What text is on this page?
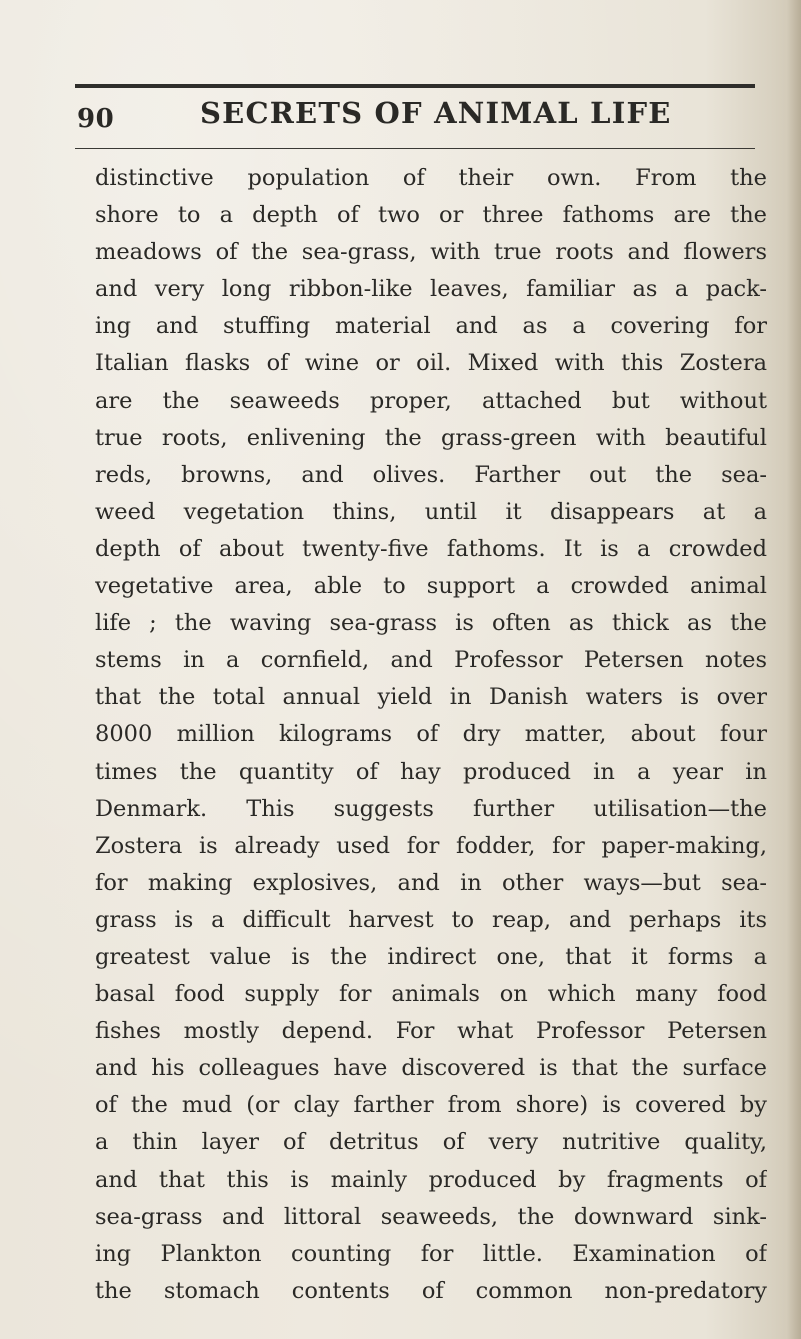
90	SECRETS OF ANIMAL LIFE
distinctive population of their own. From the
shore to a depth of two or three fathoms are the
meadows of the sea-grass, with true roots and flowers
and very long ribbon-like leaves, familiar as a pack-
ing and stuffing material and as a covering for
Italian flasks of wine or oil. Mixed with this Zostera
are the seaweeds proper, attached but without
true roots, enlivening the grass-green with beautiful
reds, browns, and olives. Farther out the sea-
weed vegetation thins, until it disappears at a
depth of about twenty-five fathoms. It is a crowded
vegetative area, able to support a crowded animal
life ; the waving sea-grass is often as thick as the
stems in a cornfield, and Professor Petersen notes
that the total annual yield in Danish waters is over
8000 million kilograms of dry matter, about four
times the quantity of hay produced in a year in
Denmark. This suggests further utilisation—the
Zostera is already used for fodder, for paper-making,
for making explosives, and in other ways—but sea-
grass is a difficult harvest to reap, and perhaps its
greatest value is the indirect one, that it forms a
basal food supply for animals on which many food
fishes mostly depend. For what Professor Petersen
and his colleagues have discovered is that the surface
of the mud (or clay farther from shore) is covered by
a thin layer of detritus of very nutritive quality,
and that this is mainly produced by fragments of
sea-grass and littoral seaweeds, the downward sink-
ing Plankton counting for little. Examination of
the stomach contents of common non-predatory
